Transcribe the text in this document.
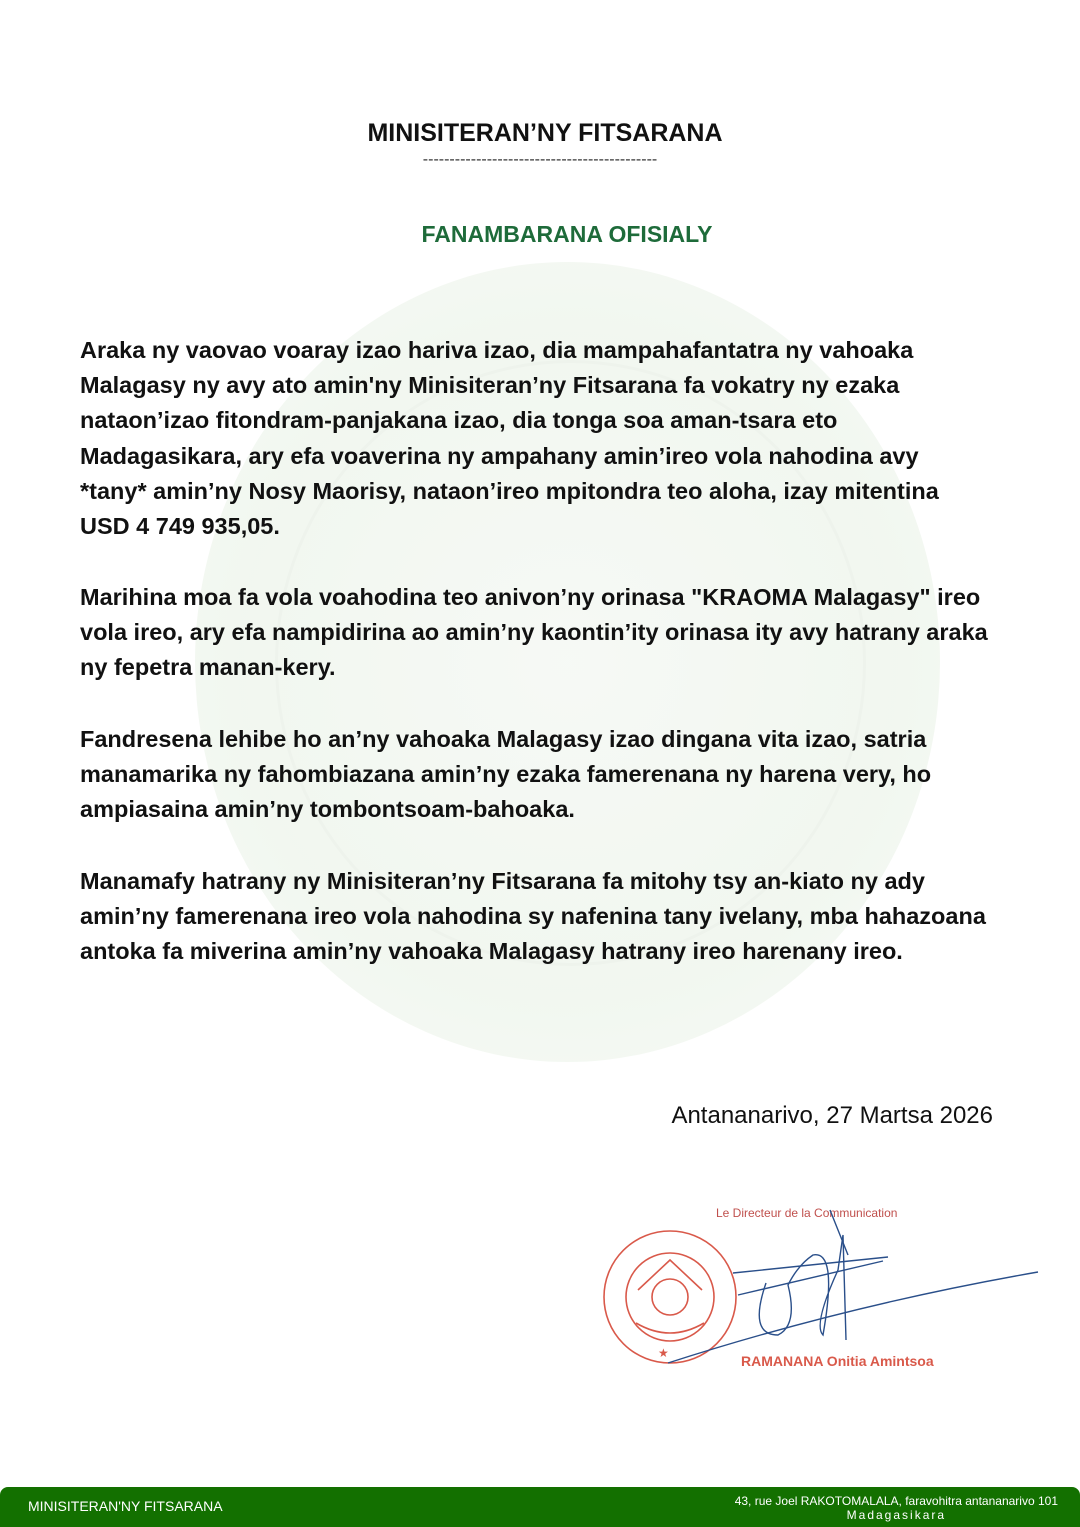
MINISITERAN’NY FITSARANA
--------------------------------------------
FANAMBARANA OFISIALY
Araka ny vaovao voaray izao hariva izao, dia mampahafantatra ny vahoaka
Malagasy ny avy ato amin'ny Minisiteran’ny Fitsarana fa vokatry ny ezaka
nataon’izao fitondram-panjakana izao, dia tonga soa aman-tsara eto
Madagasikara, ary efa voaverina ny ampahany amin’ireo vola nahodina avy
*tany* amin’ny Nosy Maorisy, nataon’ireo mpitondra teo aloha, izay mitentina
USD 4 749 935,05.
Marihina moa fa vola voahodina teo anivon’ny orinasa "KRAOMA Malagasy" ireo
vola ireo, ary efa nampidirina ao amin’ny kaontin’ity orinasa ity avy hatrany araka
ny fepetra manan-kery.
Fandresena lehibe ho an’ny vahoaka Malagasy izao dingana vita izao, satria
manamarika ny fahombiazana amin’ny ezaka famerenana ny harena very, ho
ampiasaina amin’ny tombontsoam-bahoaka.
Manamafy hatrany ny Minisiteran’ny Fitsarana fa mitohy tsy an-kiato ny ady
amin’ny famerenana ireo vola nahodina sy nafenina tany ivelany, mba hahazoana
antoka fa miverina amin’ny vahoaka Malagasy hatrany ireo harenany ireo.
Antananarivo, 27 Martsa 2026
Le Directeur de la Communication
★	RAMANANA Onitia Amintsoa
MINISITERAN'NY FITSARANA	43, rue Joel RAKOTOMALALA, faravohitra antananarivo 101
Madagasikara
